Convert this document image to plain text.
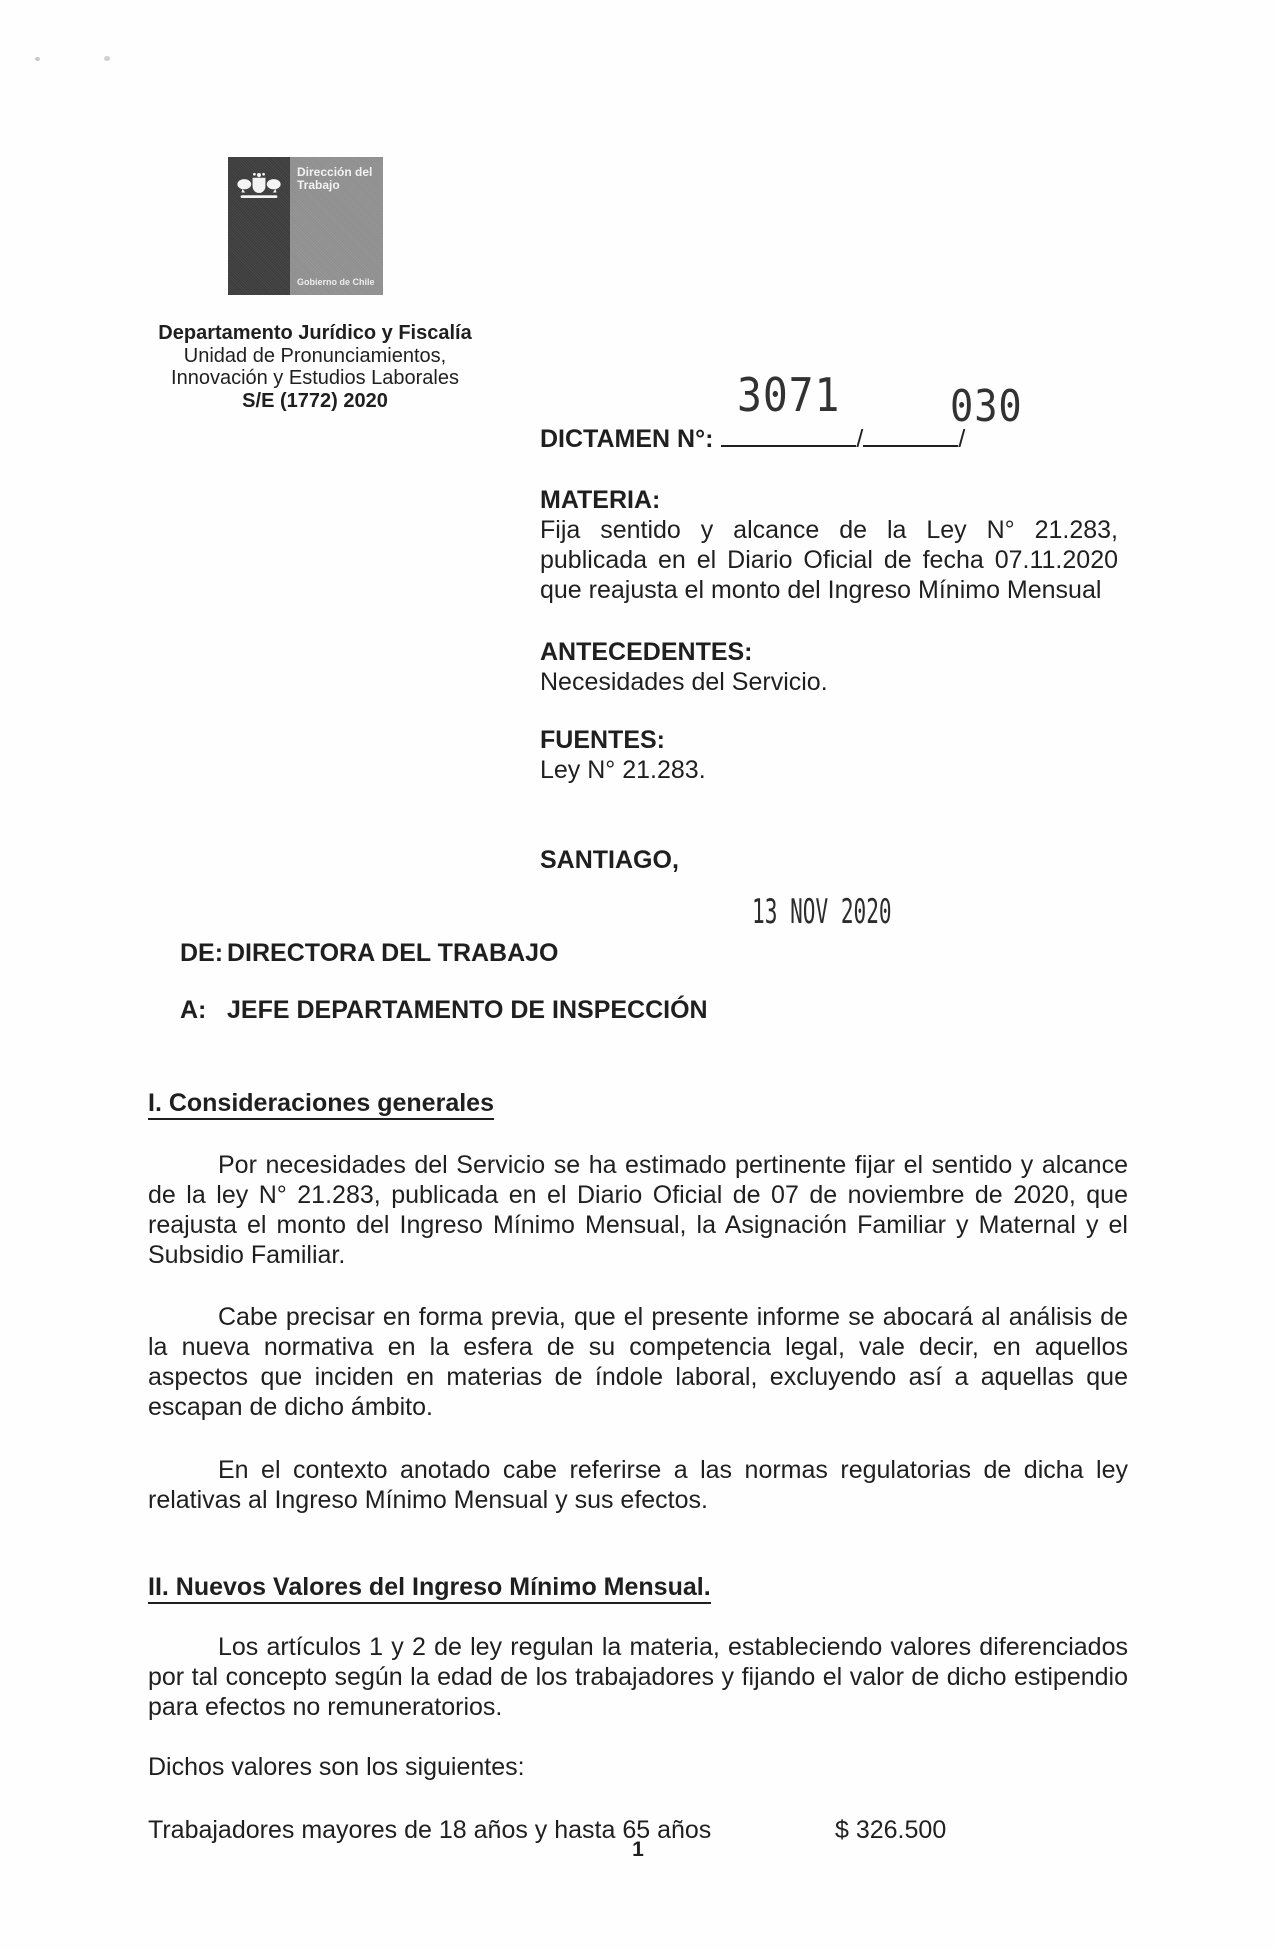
Dirección del
Trabajo
Gobierno de Chile
Departamento Jurídico y Fiscalía
Unidad de Pronunciamientos,
Innovación y Estudios Laborales
S/E (1772) 2020	3071 030
DICTAMEN N°:	/	/
MATERIA:
Fija sentido y alcance de la Ley N° 21.283, publicada en el Diario Oficial de fecha 07.11.2020 que reajusta el monto del Ingreso Mínimo Mensual
ANTECEDENTES:
Necesidades del Servicio.
FUENTES:
Ley N° 21.283.
SANTIAGO,
13 NOV 2020
DE: DIRECTORA DEL TRABAJO
A: JEFE DEPARTAMENTO DE INSPECCIÓN
I. Consideraciones generales

Por necesidades del Servicio se ha estimado pertinente fijar el sentido y alcance de la ley N° 21.283, publicada en el Diario Oficial de 07 de noviembre de 2020, que reajusta el monto del Ingreso Mínimo Mensual, la Asignación Familiar y Maternal y el Subsidio Familiar.

Cabe precisar en forma previa, que el presente informe se abocará al análisis de la nueva normativa en la esfera de su competencia legal, vale decir, en aquellos aspectos que inciden en materias de índole laboral, excluyendo así a aquellas que escapan de dicho ámbito.

En el contexto anotado cabe referirse a las normas regulatorias de dicha ley relativas al Ingreso Mínimo Mensual y sus efectos.

II. Nuevos Valores del Ingreso Mínimo Mensual.

Los artículos 1 y 2 de ley regulan la materia, estableciendo valores diferenciados por tal concepto según la edad de los trabajadores y fijando el valor de dicho estipendio para efectos no remuneratorios.

Dichos valores son los siguientes:

Trabajadores mayores de 18 años y hasta 65 años	$ 326.500
1
